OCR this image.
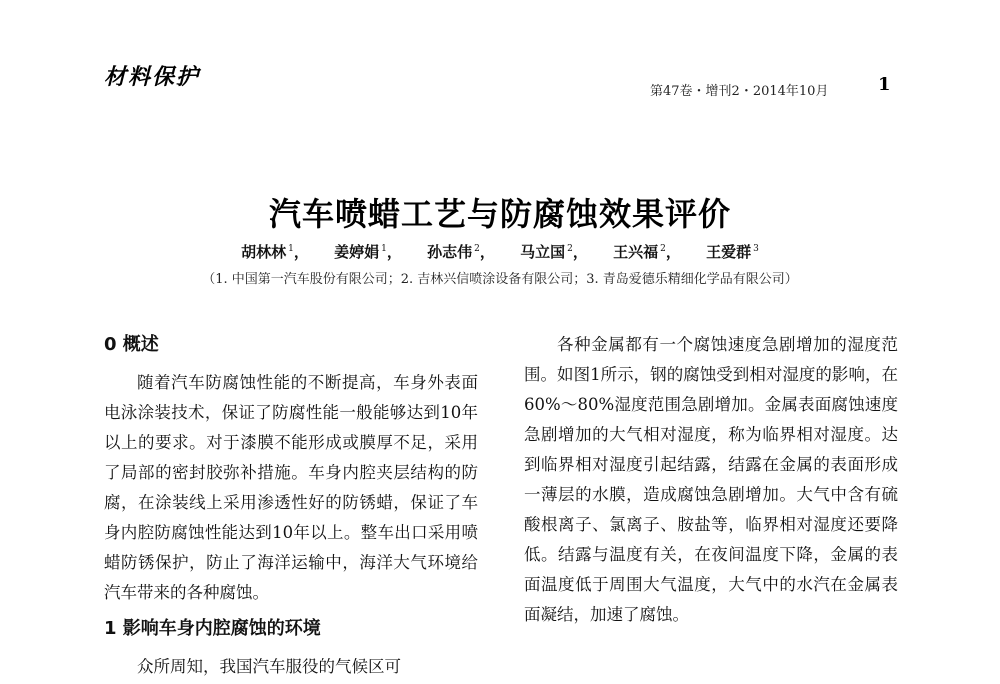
材料保护
第47卷・增刊2・2014年10月	1
汽车喷蜡工艺与防腐蚀效果评价
胡林林 $^1$， 姜婷娟 $^1$， 孙志伟 $^2$， 马立国 $^2$， 王兴福 $^2$， 王爱群 $^3$
（1. 中国第一汽车股份有限公司；2. 吉林兴信喷涂设备有限公司；3. 青岛爱德乐精细化学品有限公司）
0 概述

随着汽车防腐蚀性能的不断提高，车身外表面电泳涂装技术，保证了防腐性能一般能够达到10年以上的要求。对于漆膜不能形成或膜厚不足，采用了局部的密封胶弥补措施。车身内腔夹层结构的防腐，在涂装线上采用渗透性好的防锈蜡，保证了车身内腔防腐蚀性能达到10年以上。整车出口采用喷蜡防锈保护，防止了海洋运输中，海洋大气环境给汽车带来的各种腐蚀。

1 影响车身内腔腐蚀的环境

众所周知，我国汽车服役的气候区可

各种金属都有一个腐蚀速度急剧增加的湿度范围。如图1所示，钢的腐蚀受到相对湿度的影响，在60%～80%湿度范围急剧增加。金属表面腐蚀速度急剧增加的大气相对湿度，称为临界相对湿度。达到临界相对湿度引起结露，结露在金属的表面形成一薄层的水膜，造成腐蚀急剧增加。大气中含有硫酸根离子、氯离子、胺盐等，临界相对湿度还要降低。结露与温度有关，在夜间温度下降，金属的表面温度低于周围大气温度，大气中的水汽在金属表面凝结，加速了腐蚀。
